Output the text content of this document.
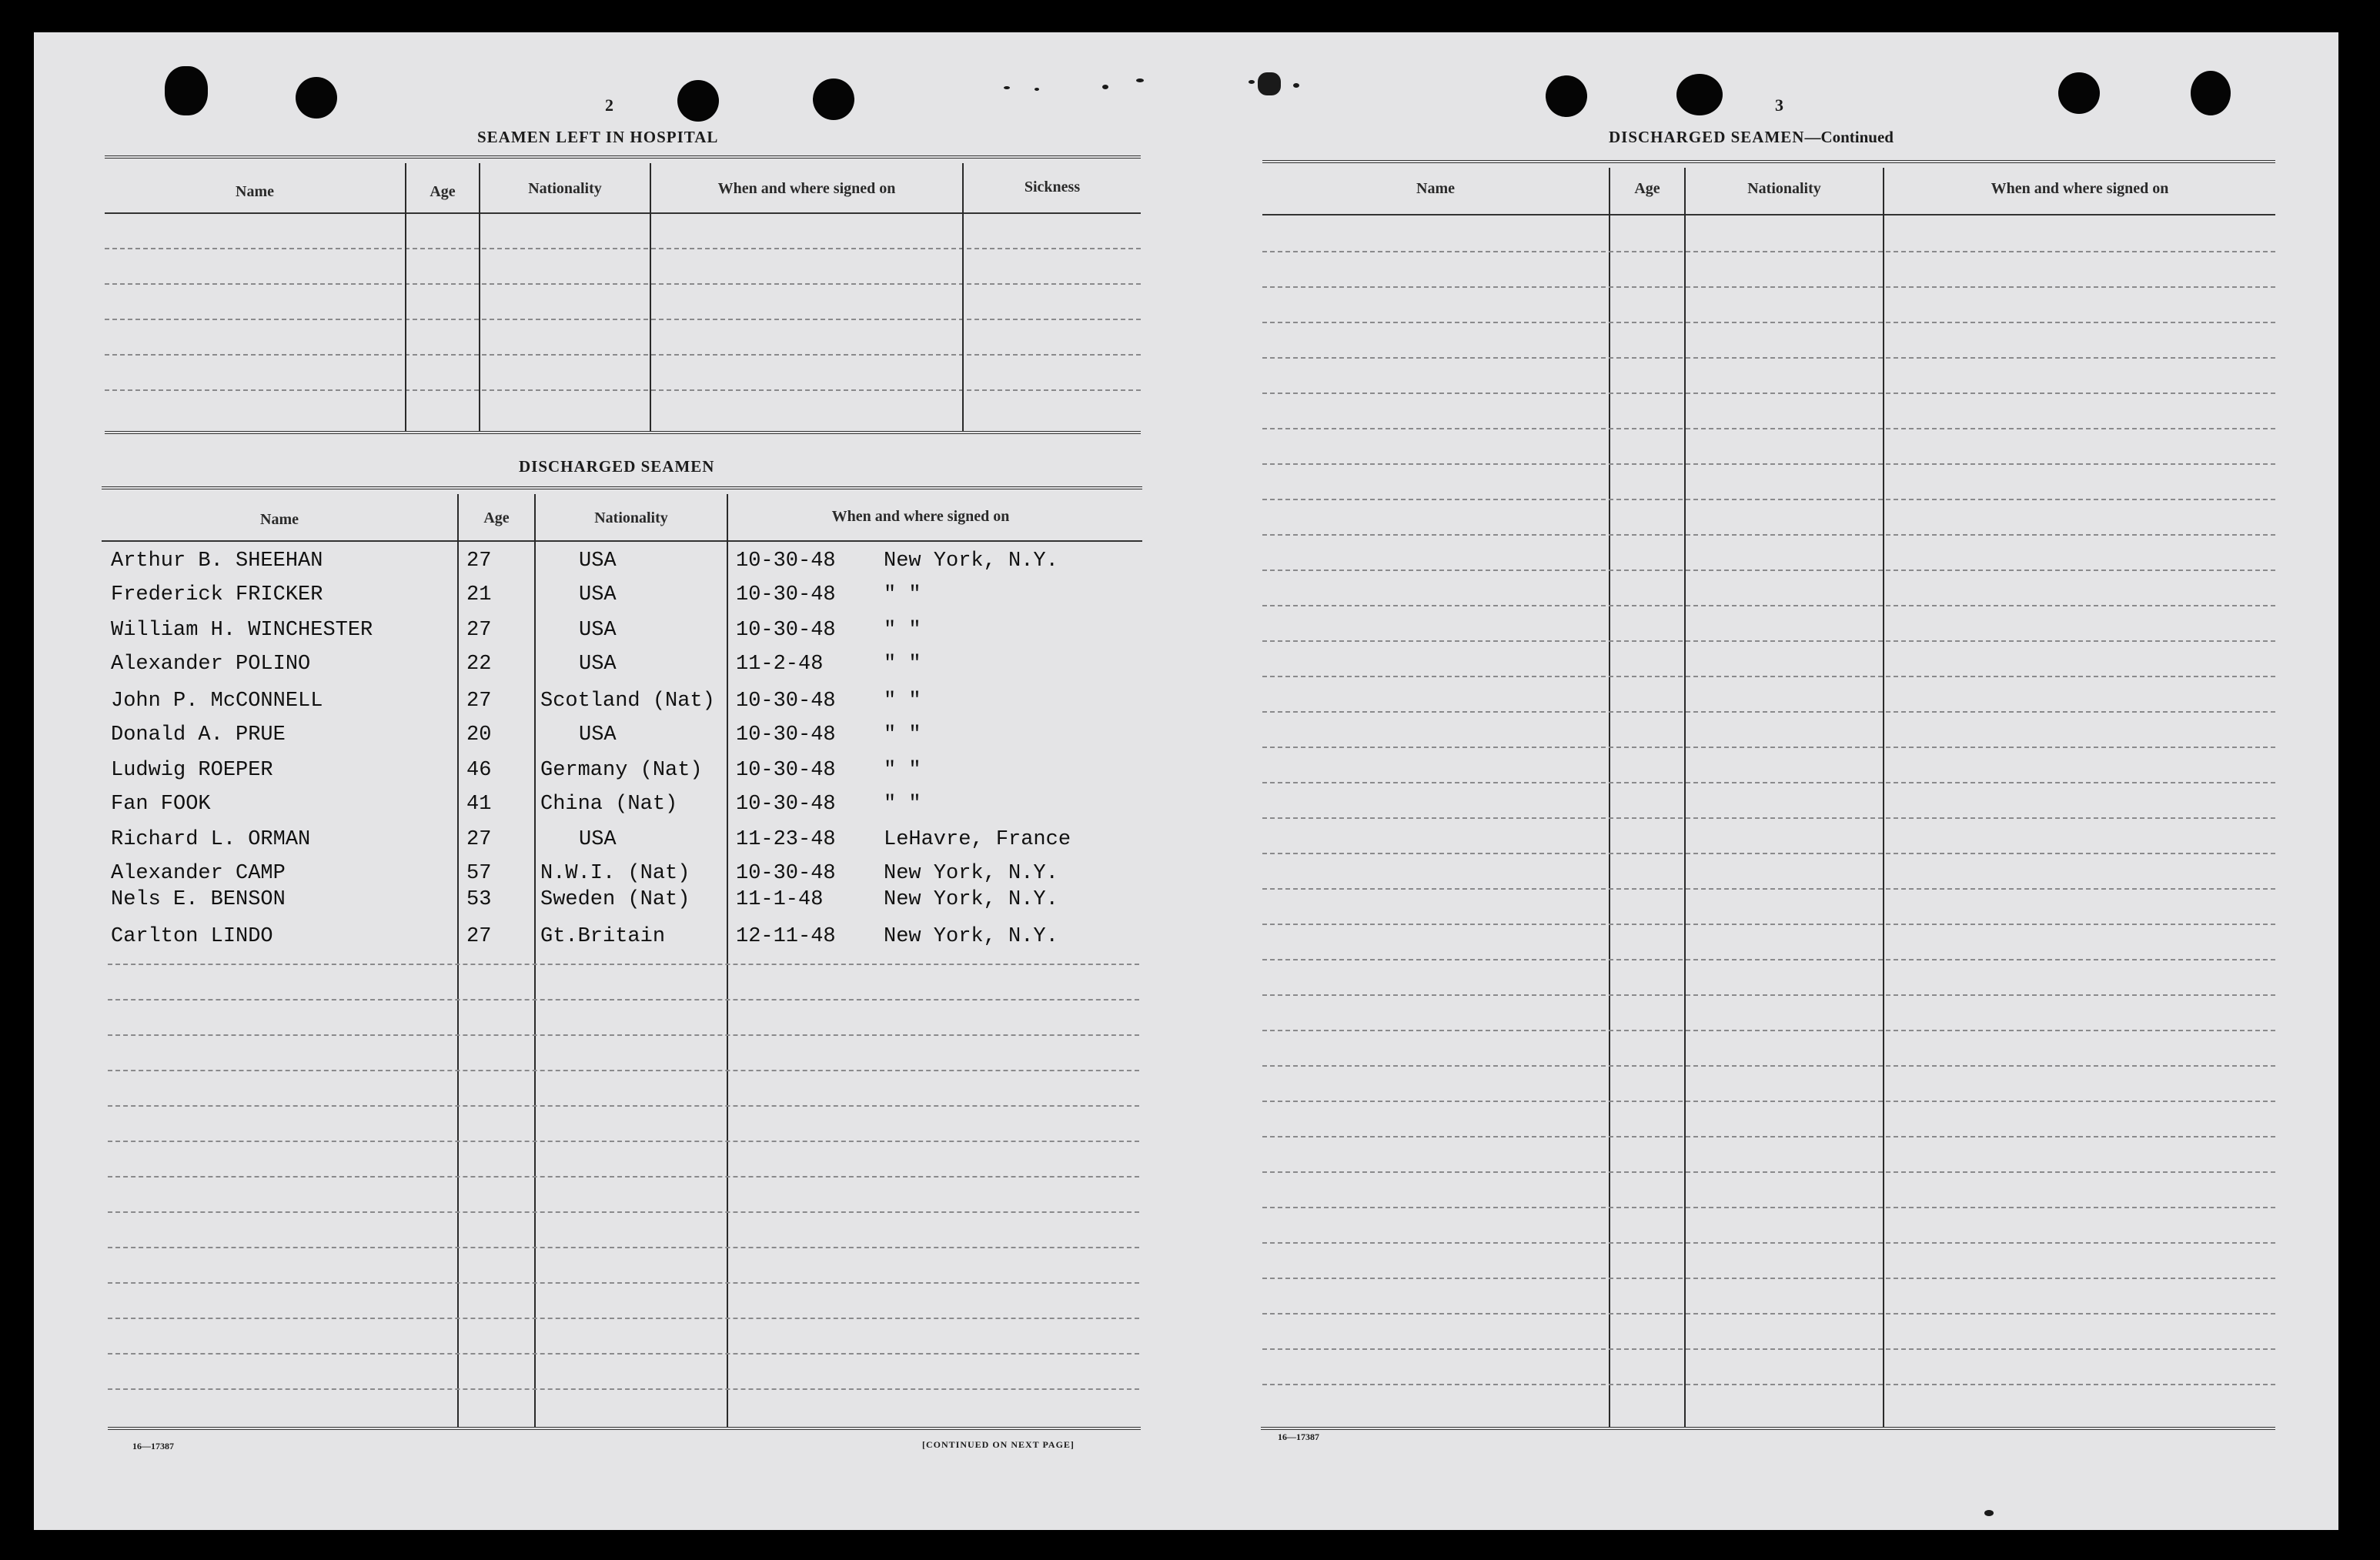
2
SEAMEN LEFT IN HOSPITAL
Name	Age	Nationality	When and where signed on	Sickness
DISCHARGED SEAMEN
Name	Age	Nationality	When and where signed on
Arthur B. SHEEHAN	27	USA	10-30-48 New York, N.Y.
Frederick FRICKER	21	USA	10-30-48 " "
William H. WINCHESTER	27	USA	10-30-48 " "
Alexander POLINO	22	USA	11-2-48	" "
John P. McCONNELL	27 Scotland (Nat) 10-30-48 " "
Donald A. PRUE	20	USA	10-30-48 " "
Ludwig ROEPER	46 Germany (Nat) 10-30-48 " "
Fan FOOK	41 China (Nat)	10-30-48 " "
Richard L. ORMAN	27	USA	11-23-48 LeHavre, France
Alexander CAMP	57 N.W.I. (Nat) 10-30-48 New York, N.Y.
Nels E. BENSON	53 Sweden (Nat) 11-1-48	New York, N.Y.
Carlton LINDO	27 Gt.Britain	12-11-48 New York, N.Y.
16—17387	[CONTINUED ON NEXT PAGE]
3
DISCHARGED SEAMEN—Continued
Name	Age	Nationality	When and where signed on
16—17387
